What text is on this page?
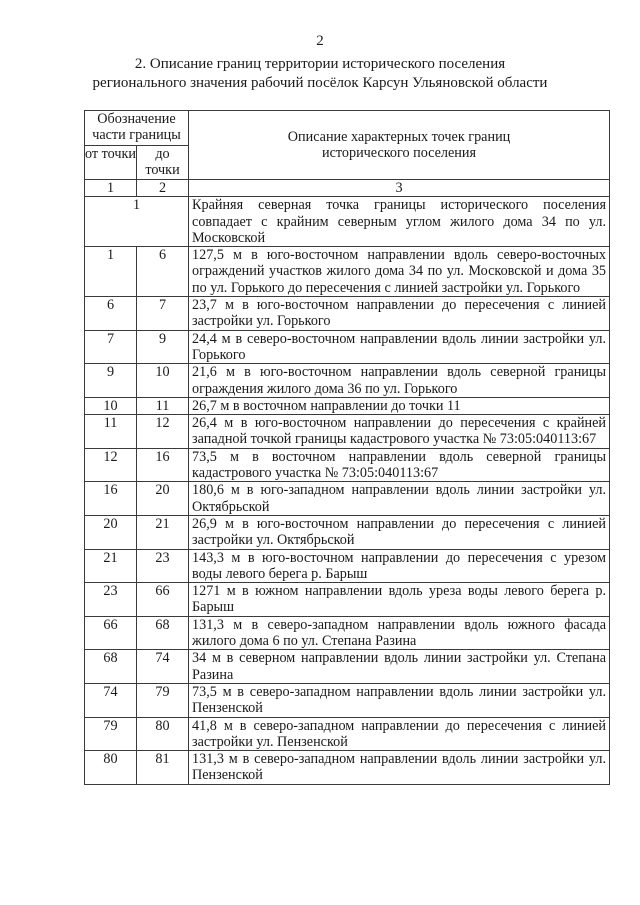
2
2. Описание границ территории исторического поселения
регионального значения рабочий посёлок Карсун Ульяновской области
Обозначение части границы		Описание характерных точек границ исторического поселения

от точки	до точки	
1	2	3
1		Крайняя северная точка границы исторического поселения совпадает с крайним северным углом жилого дома 34 по ул. Московской
1	6	127,5 м в юго-восточном направлении вдоль северо-восточных ограждений участков жилого дома 34 по ул. Московской и дома 35 по ул. Горького до пересечения с линией застройки ул. Горького
6	7	23,7 м в юго-восточном направлении до пересечения с линией застройки ул. Горького
7	9	24,4 м в северо-восточном направлении вдоль линии застройки ул. Горького
9	10	21,6 м в юго-восточном направлении вдоль северной границы ограждения жилого дома 36 по ул. Горького
10	11	26,7 м в восточном направлении до точки 11
11	12	26,4 м в юго-восточном направлении до пересечения с крайней западной точкой границы кадастрового участка № 73:05:040113:67
12	16	73,5 м в восточном направлении вдоль северной границы кадастрового участка № 73:05:040113:67
16	20	180,6 м в юго-западном направлении вдоль линии застройки ул. Октябрьской
20	21	26,9 м в юго-восточном направлении до пересечения с линией застройки ул. Октябрьской
21	23	143,3 м в юго-восточном направлении до пересечения с урезом воды левого берега р. Барыш
23	66	1271 м в южном направлении вдоль уреза воды левого берега р. Барыш
66	68	131,3 м в северо-западном направлении вдоль южного фасада жилого дома 6 по ул. Степана Разина
68	74	34 м в северном направлении вдоль линии застройки ул. Степана Разина
74	79	73,5 м в северо-западном направлении вдоль линии застройки ул. Пензенской
79	80	41,8 м в северо-западном направлении до пересечения с линией застройки ул. Пензенской
80	81	131,3 м в северо-западном направлении вдоль линии застройки ул. Пензенской
